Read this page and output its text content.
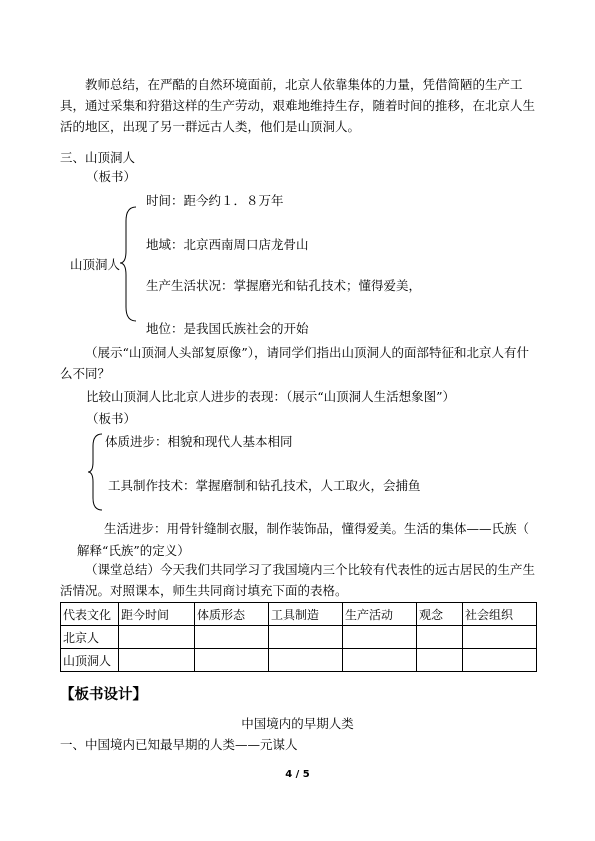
教师总结，在严酷的自然环境面前，北京人依靠集体的力量，凭借简陋的生产工具，通过采集和狩猎这样的生产劳动，艰难地维持生存，随着时间的推移，在北京人生活的地区，出现了另一群远古人类，他们是山顶洞人。
三、山顶洞人
（板书）
山顶洞人
时间：距今约１．８万年
地域：北京西南周口店龙骨山
生产生活状况：掌握磨光和钻孔技术；懂得爱美，
地位：是我国氏族社会的开始
（展示“山顶洞人头部复原像”），请同学们指出山顶洞人的面部特征和北京人有什么不同？
比较山顶洞人比北京人进步的表现：（展示“山顶洞人生活想象图”）
（板书）
体质进步：相貌和现代人基本相同
工具制作技术：掌握磨制和钻孔技术，人工取火，会捕鱼
生活进步：用骨针缝制衣服，制作装饰品，懂得爱美。生活的集体——氏族（
解释“氏族”的定义）
（课堂总结）今天我们共同学习了我国境内三个比较有代表性的远古居民的生产生活情况。对照课本，师生共同商讨填充下面的表格。
代表文化	距今时间	体质形态	工具制造	生产活动	观念	社会组织
北京人						
山顶洞人						
【板书设计】
中国境内的早期人类
一、中国境内已知最早期的人类——元谋人
4 / 5
